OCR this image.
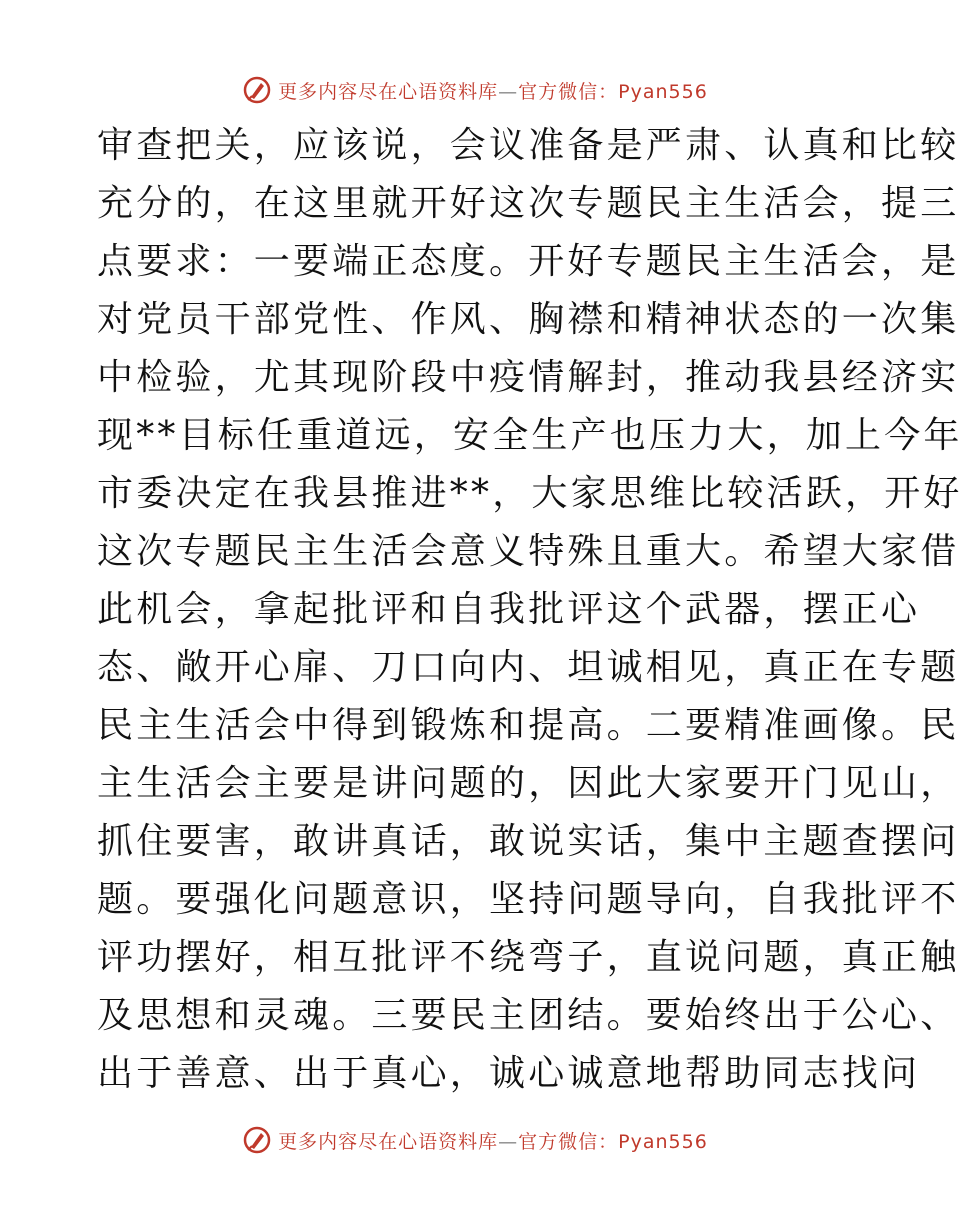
更多内容尽在心语资料库—官方微信：Pyan556
审查把关，应该说，会议准备是严肃、认真和比较
充分的，在这里就开好这次专题民主生活会，提三
点要求：一要端正态度。开好专题民主生活会，是
对党员干部党性、作风、胸襟和精神状态的一次集
中检验，尤其现阶段中疫情解封，推动我县经济实
现**目标任重道远，安全生产也压力大，加上今年
市委决定在我县推进**，大家思维比较活跃，开好
这次专题民主生活会意义特殊且重大。希望大家借
此机会，拿起批评和自我批评这个武器，摆正心
态、敞开心扉、刀口向内、坦诚相见，真正在专题
民主生活会中得到锻炼和提高。二要精准画像。民
主生活会主要是讲问题的，因此大家要开门见山，
抓住要害，敢讲真话，敢说实话，集中主题查摆问
题。要强化问题意识，坚持问题导向，自我批评不
评功摆好，相互批评不绕弯子，直说问题，真正触
及思想和灵魂。三要民主团结。要始终出于公心、
出于善意、出于真心，诚心诚意地帮助同志找问
更多内容尽在心语资料库—官方微信：Pyan556
